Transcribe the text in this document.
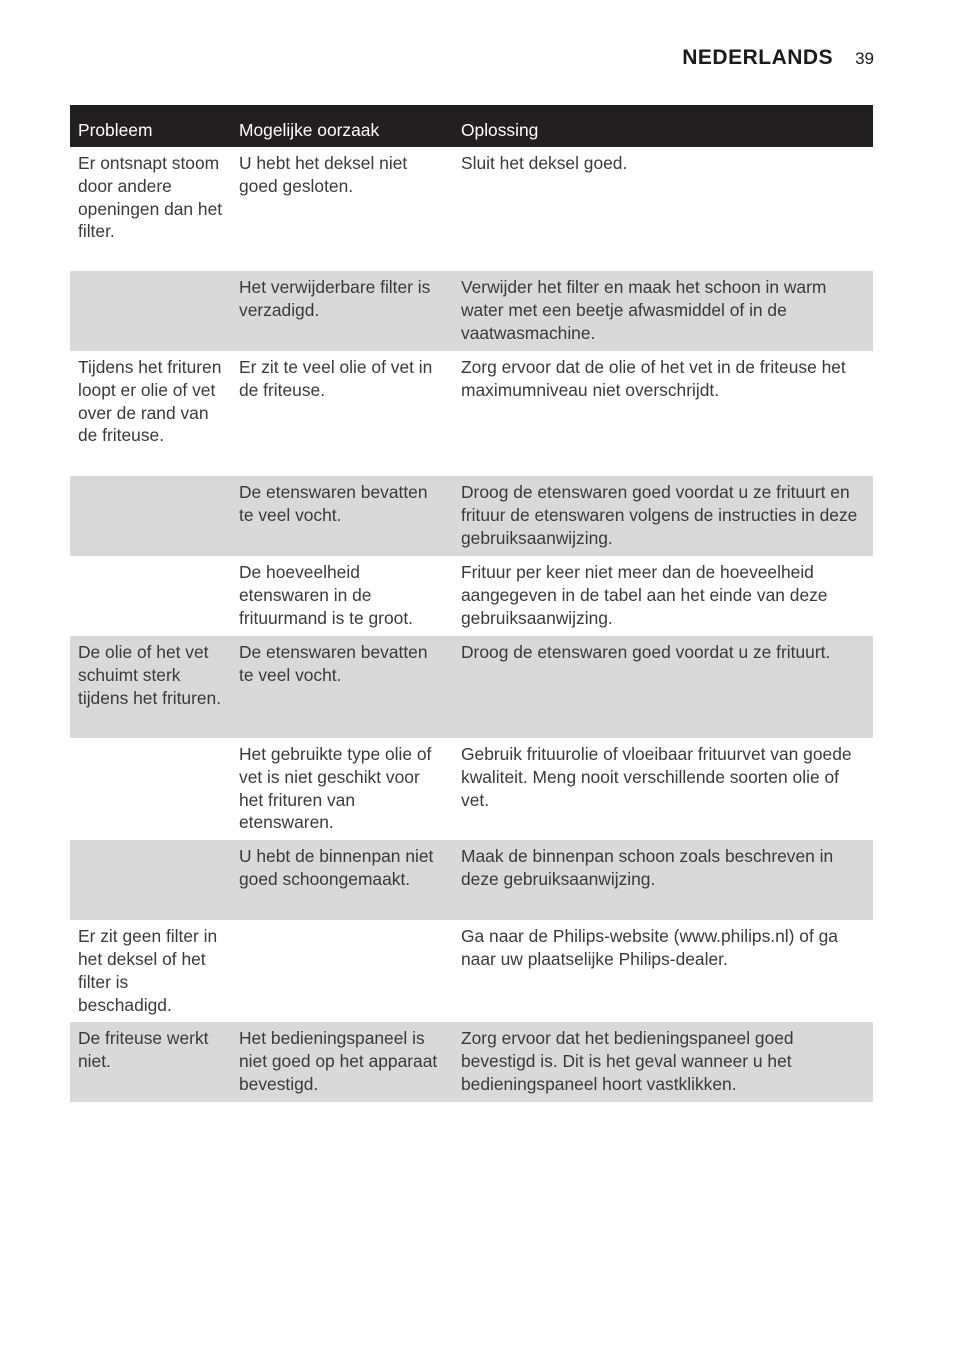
NEDERLANDS 39
Probleem	Mogelijke oorzaak	Oplossing
Er ontsnapt stoom door andere openingen dan het filter.	U hebt het deksel niet goed gesloten.	Sluit het deksel goed.
	Het verwijderbare filter is verzadigd.	Verwijder het filter en maak het schoon in warm water met een beetje afwasmiddel of in de vaatwasmachine.
Tijdens het frituren loopt er olie of vet over de rand van de friteuse.	Er zit te veel olie of vet in de friteuse.	Zorg ervoor dat de olie of het vet in de friteuse het maximumniveau niet overschrijdt.
	De etenswaren bevatten te veel vocht.	Droog de etenswaren goed voordat u ze frituurt en frituur de etenswaren volgens de instructies in deze gebruiksaanwijzing.
	De hoeveelheid etenswaren in de frituurmand is te groot.	Frituur per keer niet meer dan de hoeveelheid aangegeven in de tabel aan het einde van deze gebruiksaanwijzing.
De olie of het vet schuimt sterk tijdens het frituren.	De etenswaren bevatten te veel vocht.	Droog de etenswaren goed voordat u ze frituurt.
	Het gebruikte type olie of vet is niet geschikt voor het frituren van etenswaren.	Gebruik frituurolie of vloeibaar frituurvet van goede kwaliteit. Meng nooit verschillende soorten olie of vet.
	U hebt de binnenpan niet goed schoongemaakt.	Maak de binnenpan schoon zoals beschreven in deze gebruiksaanwijzing.
Er zit geen filter in het deksel of het filter is beschadigd.		Ga naar de Philips-website (www.philips.nl) of ga naar uw plaatselijke Philips-dealer.
De friteuse werkt niet.	Het bedieningspaneel is niet goed op het apparaat bevestigd.	Zorg ervoor dat het bedieningspaneel goed bevestigd is. Dit is het geval wanneer u het bedieningspaneel hoort vastklikken.
